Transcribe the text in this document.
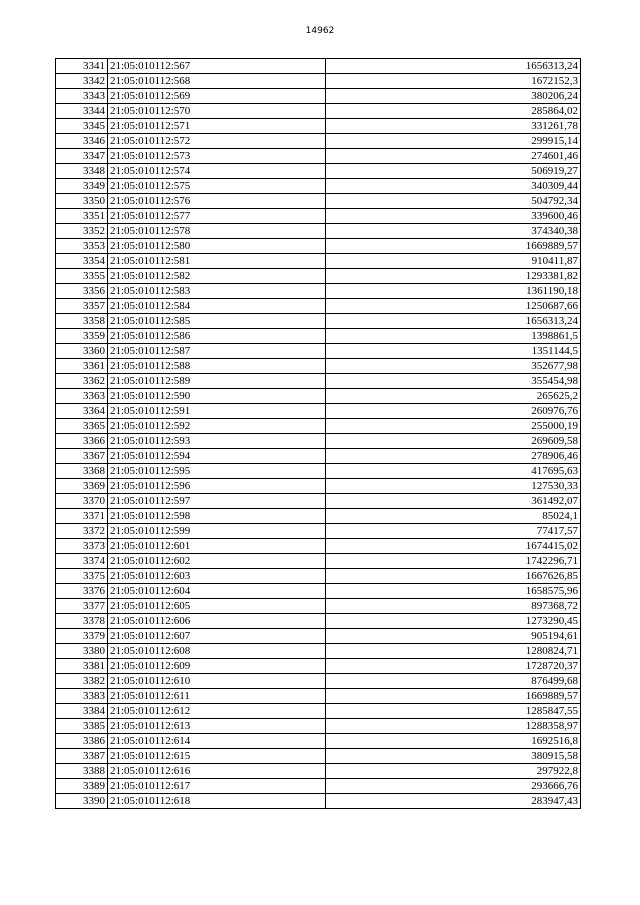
14962
3341	21:05:010112:567	1656313,24
3342	21:05:010112:568	1672152,3
3343	21:05:010112:569	380206,24
3344	21:05:010112:570	285864,02
3345	21:05:010112:571	331261,78
3346	21:05:010112:572	299915,14
3347	21:05:010112:573	274601,46
3348	21:05:010112:574	506919,27
3349	21:05:010112:575	340309,44
3350	21:05:010112:576	504792,34
3351	21:05:010112:577	339600,46
3352	21:05:010112:578	374340,38
3353	21:05:010112:580	1669889,57
3354	21:05:010112:581	910411,87
3355	21:05:010112:582	1293381,82
3356	21:05:010112:583	1361190,18
3357	21:05:010112:584	1250687,66
3358	21:05:010112:585	1656313,24
3359	21:05:010112:586	1398861,5
3360	21:05:010112:587	1351144,5
3361	21:05:010112:588	352677,98
3362	21:05:010112:589	355454,98
3363	21:05:010112:590	265625,2
3364	21:05:010112:591	260976,76
3365	21:05:010112:592	255000,19
3366	21:05:010112:593	269609,58
3367	21:05:010112:594	278906,46
3368	21:05:010112:595	417695,63
3369	21:05:010112:596	127530,33
3370	21:05:010112:597	361492,07
3371	21:05:010112:598	85024,1
3372	21:05:010112:599	77417,57
3373	21:05:010112:601	1674415,02
3374	21:05:010112:602	1742296,71
3375	21:05:010112:603	1667626,85
3376	21:05:010112:604	1658575,96
3377	21:05:010112:605	897368,72
3378	21:05:010112:606	1273290,45
3379	21:05:010112:607	905194,61
3380	21:05:010112:608	1280824,71
3381	21:05:010112:609	1728720,37
3382	21:05:010112:610	876499,68
3383	21:05:010112:611	1669889,57
3384	21:05:010112:612	1285847,55
3385	21:05:010112:613	1288358,97
3386	21:05:010112:614	1692516,8
3387	21:05:010112:615	380915,58
3388	21:05:010112:616	297922,8
3389	21:05:010112:617	293666,76
3390	21:05:010112:618	283947,43
